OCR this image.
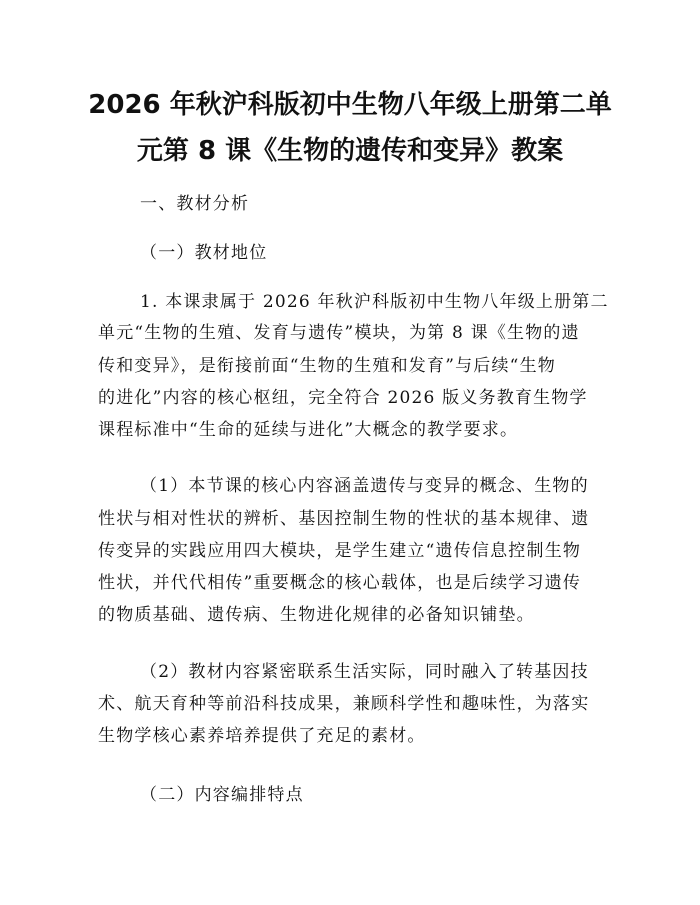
2026 年秋沪科版初中生物八年级上册第二单
元第 8 课《生物的遗传和变异》教案
一、教材分析
（一）教材地位
1. 本课隶属于 2026 年秋沪科版初中生物八年级上册第二
单元“生物的生殖、发育与遗传”模块，为第 8 课《生物的遗
传和变异》，是衔接前面“生物的生殖和发育”与后续“生物
的进化”内容的核心枢纽，完全符合 2026 版义务教育生物学
课程标准中“生命的延续与进化”大概念的教学要求。
（1）本节课的核心内容涵盖遗传与变异的概念、生物的
性状与相对性状的辨析、基因控制生物的性状的基本规律、遗
传变异的实践应用四大模块，是学生建立“遗传信息控制生物
性状，并代代相传”重要概念的核心载体，也是后续学习遗传
的物质基础、遗传病、生物进化规律的必备知识铺垫。
（2）教材内容紧密联系生活实际，同时融入了转基因技
术、航天育种等前沿科技成果，兼顾科学性和趣味性，为落实
生物学核心素养培养提供了充足的素材。
（二）内容编排特点
